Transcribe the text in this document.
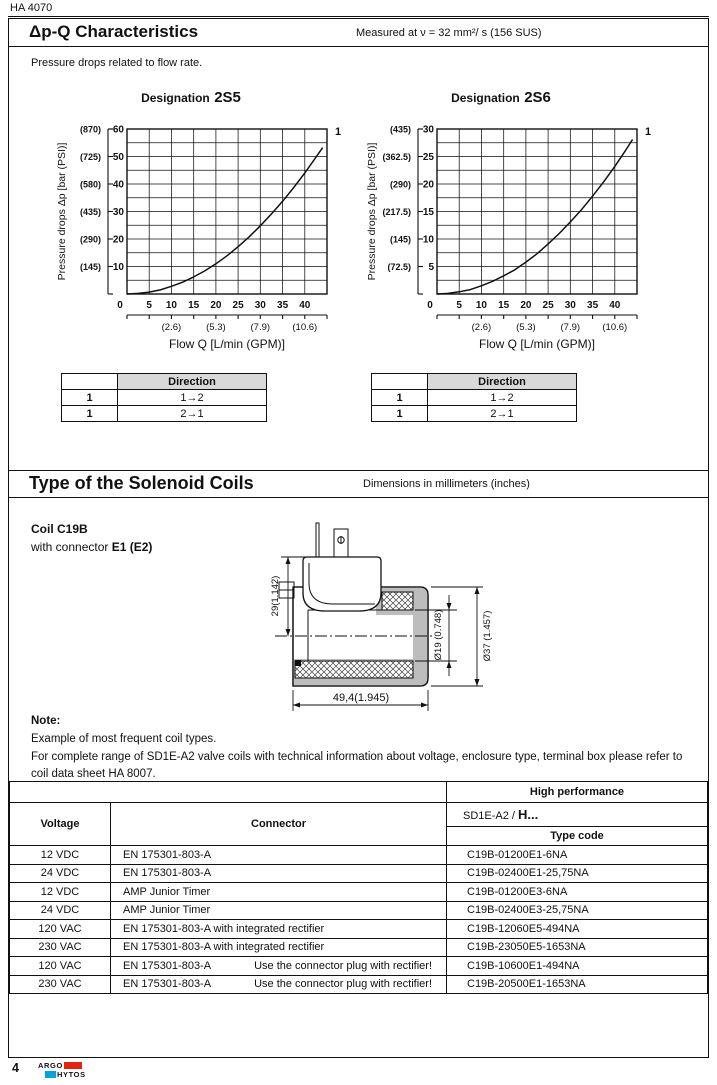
HA 4070
Δp-Q Characteristics	Measured at ν = 32 mm²/ s (156 SUS)
Pressure drops related to flow rate.
Designation 2S5
60
(870)
50
(725)
40
(580)
30
(435)
20
(290)
10
(145)
Pressure drops Δp [bar (PSI)]
0 5 10 15 20 25 30 35 40
(2.6)	(5.3)	(7.9) (10.6)
Flow Q [L/min (GPM)]
1
	Direction
1	1→2
1	2→1
Designation 2S6
30
(435)
25
(362.5)
20
(290)
15
(217.5)
10
(145)
5
(72.5)
Pressure drops Δp [bar (PSI)]
0 5 10 15 20 25 30 35 40
(2.6)	(5.3)	(7.9) (10.6)
Flow Q [L/min (GPM)]
1
	Direction
1	1→2
1	2→1
Type of the Solenoid Coils	Dimensions in millimeters (inches)
Coil C19B
with connector E1 (E2)
29(1.142)
Ø19 (0.748)	Ø37 (1.457)
49,4(1.945)
Note:
Example of most frequent coil types.
For complete range of SD1E-A2 valve coils with technical information about voltage, enclosure type, terminal box please refer to coil data sheet HA 8007.
		High performance
Voltage	Connector	SD1E-A2 / H...
		Type code
12 VDC	EN 175301-803-A	C19B-01200E1-6NA
24 VDC	EN 175301-803-A	C19B-02400E1-25,75NA
12 VDC	AMP Junior Timer	C19B-01200E3-6NA
24 VDC	AMP Junior Timer	C19B-02400E3-25,75NA
120 VAC	EN 175301-803-A with integrated rectifier	C19B-12060E5-494NA
230 VAC	EN 175301-803-A with integrated rectifier	C19B-23050E5-1653NA
120 VAC	EN 175301-803-A Use the connector plug with rectifier!	C19B-10600E1-494NA
230 VAC	EN 175301-803-A Use the connector plug with rectifier!	C19B-20500E1-1653NA
4	ARGO
HYTOS
